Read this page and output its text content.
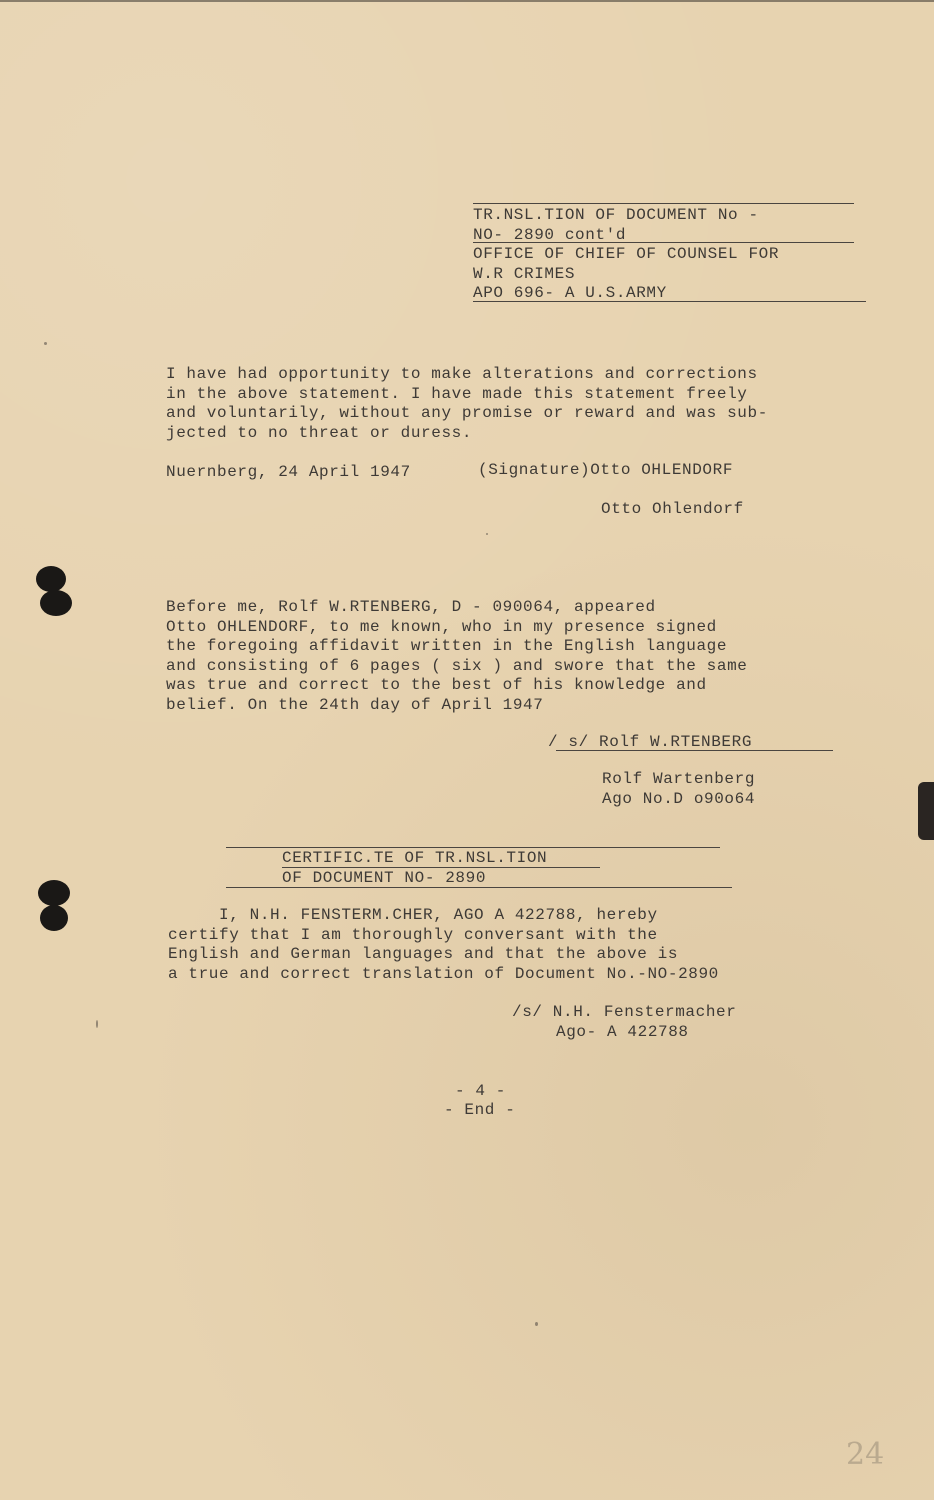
TR.NSL.TION OF DOCUMENT No -
NO- 2890 cont'd
OFFICE OF CHIEF OF COUNSEL FOR
W.R CRIMES
APO 696- A U.S.ARMY
I have had opportunity to make alterations and corrections
in the above statement. I have made this statement freely
and voluntarily, without any promise or reward and was sub-
jected to no threat or duress.
Nuernberg, 24 April 1947	(Signature)Otto OHLENDORF
Otto Ohlendorf
Before me, Rolf W.RTENBERG, D - 090064, appeared
Otto OHLENDORF, to me known, who in my presence signed
the foregoing affidavit written in the English language
and consisting of 6 pages ( six ) and swore that the same
was true and correct to the best of his knowledge and
belief. On the 24th day of April 1947
/ s/ Rolf W.RTENBERG
Rolf Wartenberg
Ago No.D o90o64
CERTIFIC.TE OF TR.NSL.TION
OF DOCUMENT NO- 2890
I, N.H. FENSTERM.CHER, AGO A 422788, hereby
certify that I am thoroughly conversant with the
English and German languages and that the above is
a true and correct translation of Document No.-NO-2890
/s/ N.H. Fenstermacher
Ago- A 422788
- 4 -
- End -
24
